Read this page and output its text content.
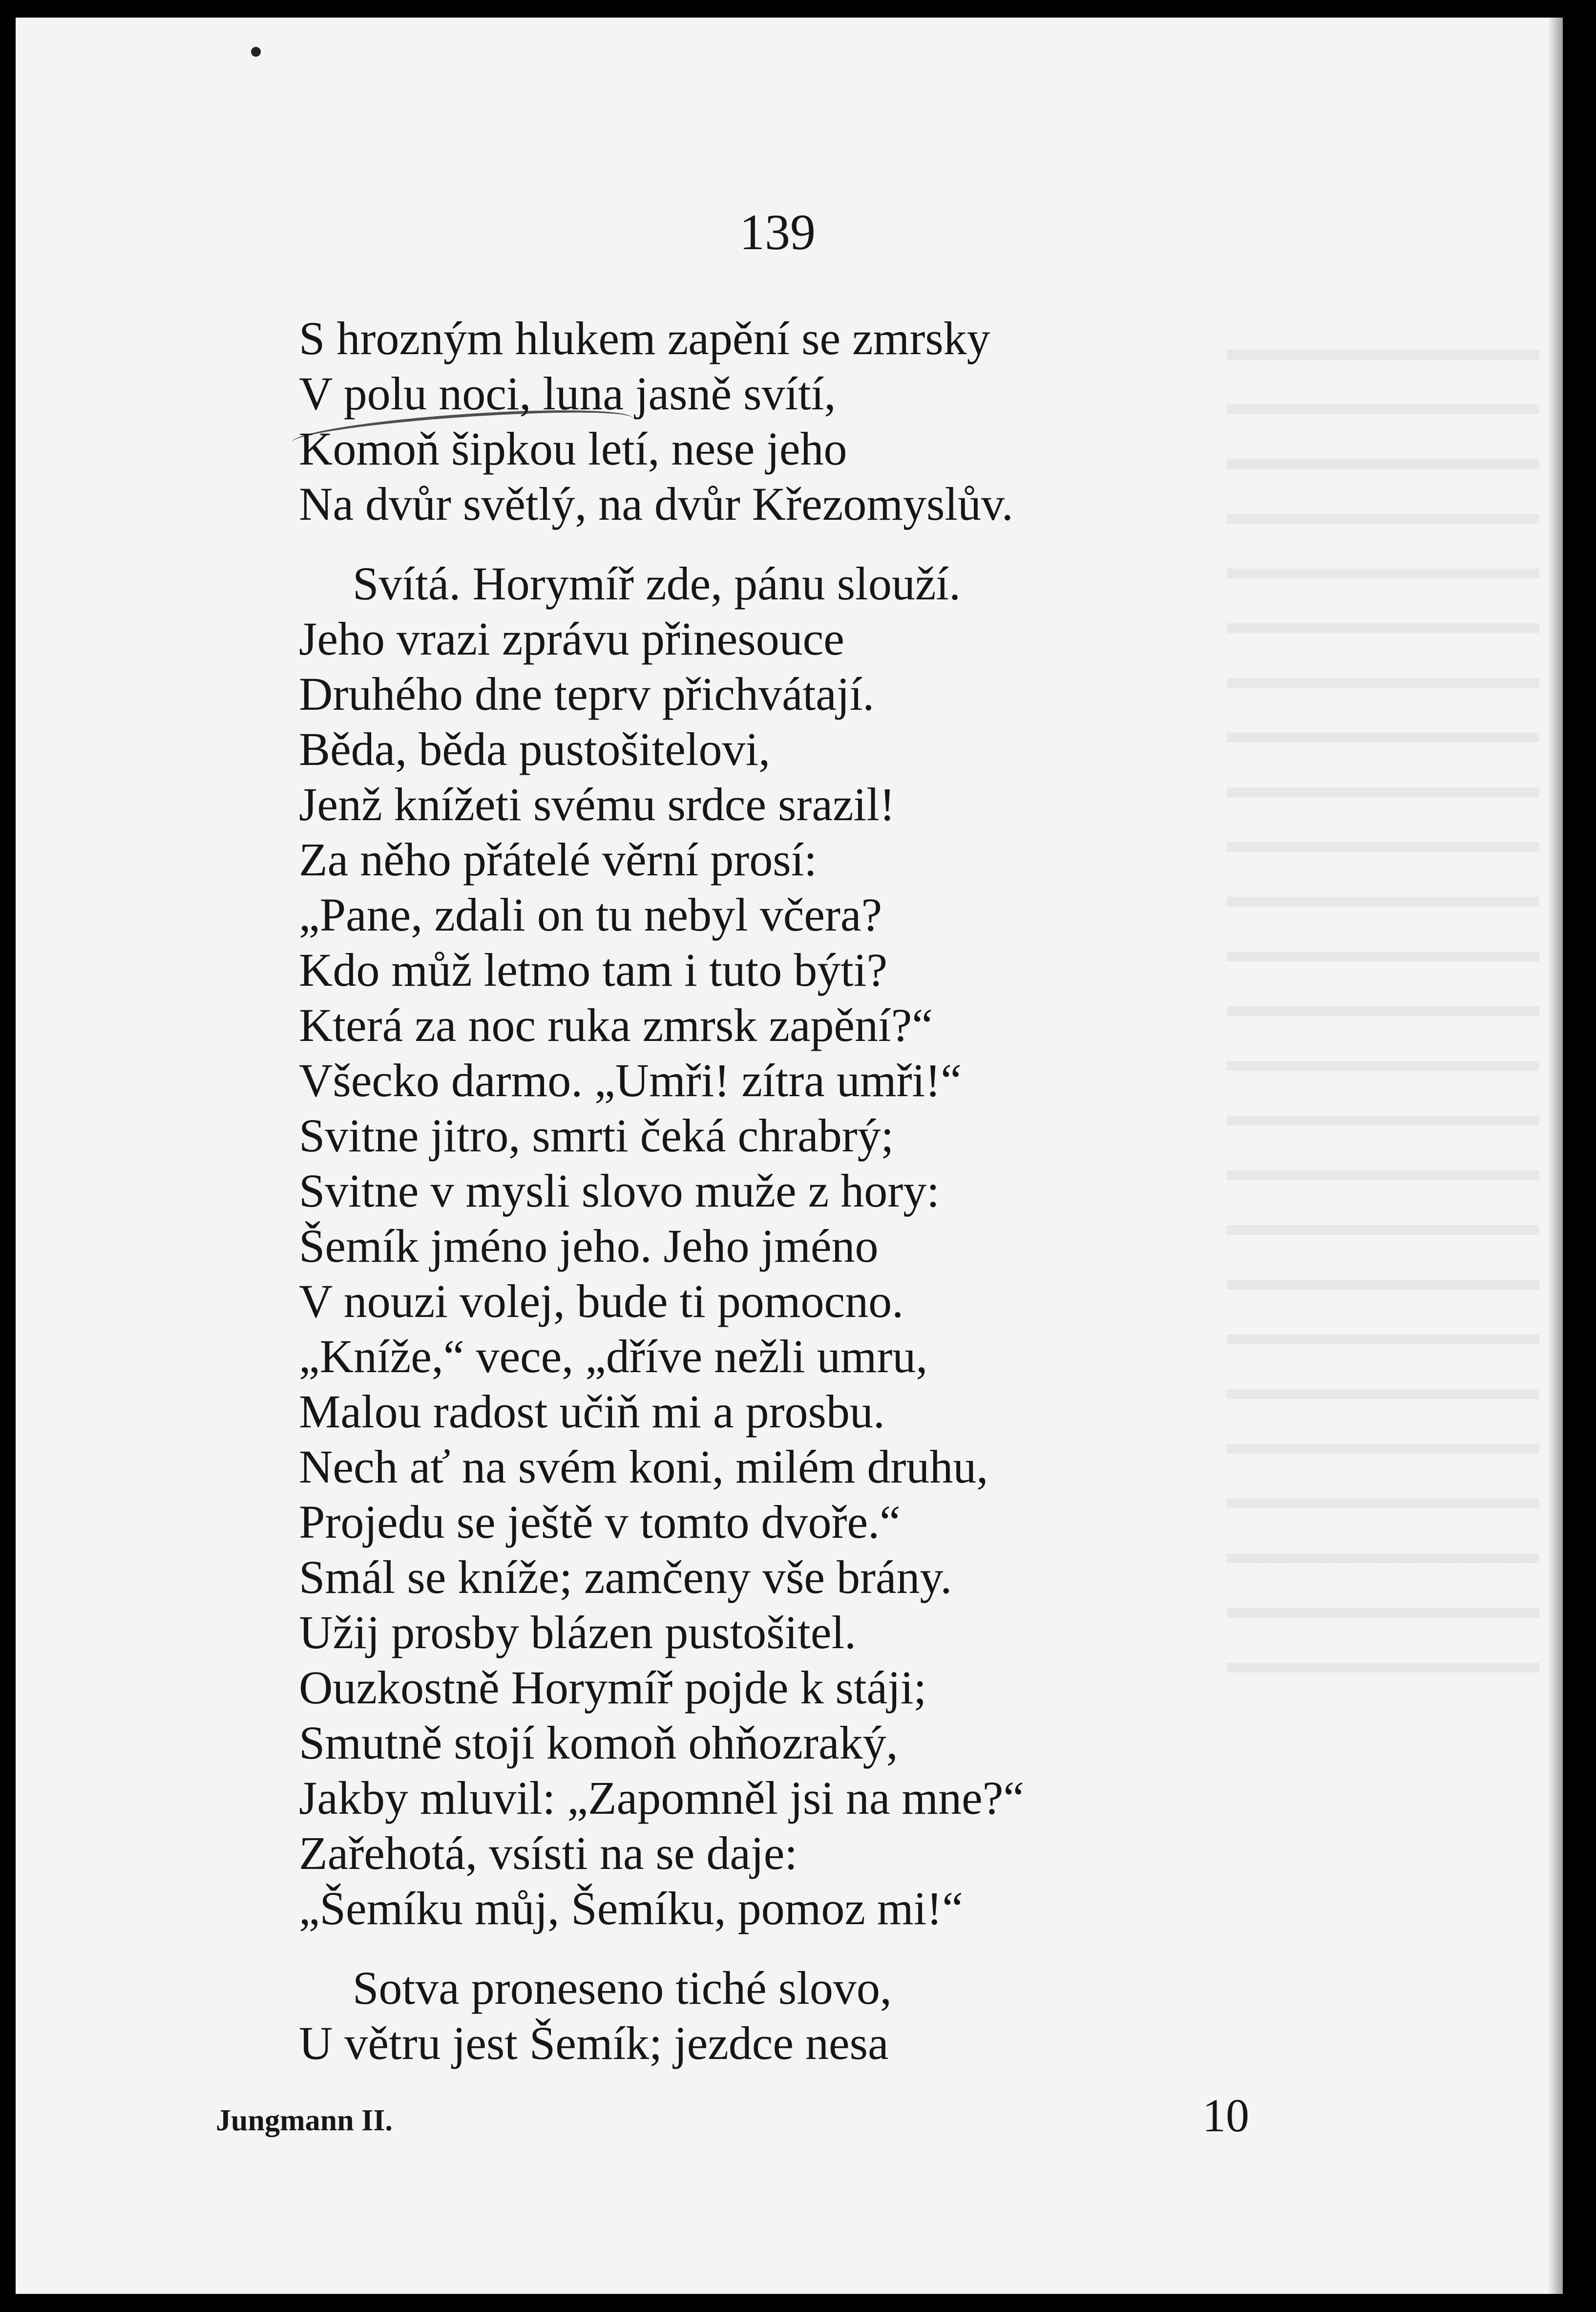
139
S hrozným hlukem zapění se zmrsky
V polu noci, luna jasně svítí,
Komoň šipkou letí, nese jeho
Na dvůr světlý, na dvůr Křezomyslův.
Svítá. Horymíř zde, pánu slouží.
Jeho vrazi zprávu přinesouce
Druhého dne teprv přichvátají.
Běda, běda pustošitelovi,
Jenž knížeti svému srdce srazil!
Za něho přátelé věrní prosí:
„Pane, zdali on tu nebyl včera?
Kdo můž letmo tam i tuto býti?
Která za noc ruka zmrsk zapění?“
Všecko darmo. „Umři! zítra umři!“
Svitne jitro, smrti čeká chrabrý;
Svitne v mysli slovo muže z hory:
Šemík jméno jeho. Jeho jméno
V nouzi volej, bude ti pomocno.
„Kníže,“ vece, „dříve nežli umru,
Malou radost učiň mi a prosbu.
Nech ať na svém koni, milém druhu,
Projedu se ještě v tomto dvoře.“
Smál se kníže; zamčeny vše brány.
Užij prosby blázen pustošitel.
Ouzkostně Horymíř pojde k stáji;
Smutně stojí komoň ohňozraký,
Jakby mluvil: „Zapomněl jsi na mne?“
Zařehotá, vsísti na se daje:
„Šemíku můj, Šemíku, pomoz mi!“
Sotva proneseno tiché slovo,
U větru jest Šemík; jezdce nesa
Jungmann II.	10
